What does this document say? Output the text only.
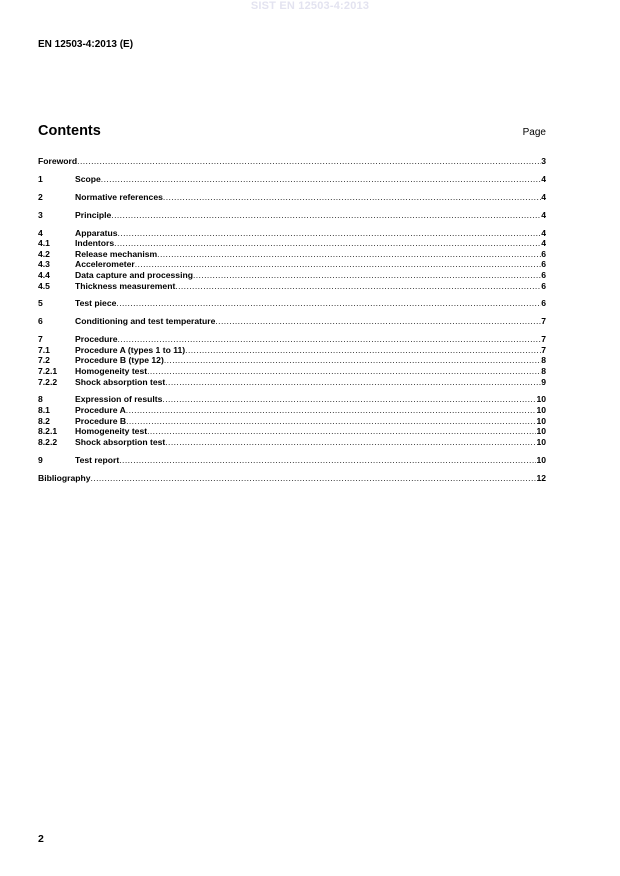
SIST EN 12503-4:2013
EN 12503-4:2013 (E)
Contents	Page
Foreword .....	3
1	Scope .....	4
2	Normative references .....	4
3	Principle .....	4
4	Apparatus .....	4
4.1	Indentors .....	4
4.2	Release mechanism .....	6
4.3	Accelerometer .....	6
4.4	Data capture and processing .....	6
4.5	Thickness measurement .....	6
5	Test piece .....	6
6	Conditioning and test temperature .....	7
7	Procedure .....	7
7.1	Procedure A (types 1 to 11) .....	7
7.2	Procedure B (type 12) .....	8
7.2.1	Homogeneity test .....	8
7.2.2	Shock absorption test .....	9
8	Expression of results .....	10
8.1	Procedure A .....	10
8.2	Procedure B .....	10
8.2.1	Homogeneity test .....	10
8.2.2	Shock absorption test .....	10
9	Test report .....	10
Bibliography .....	12
2
